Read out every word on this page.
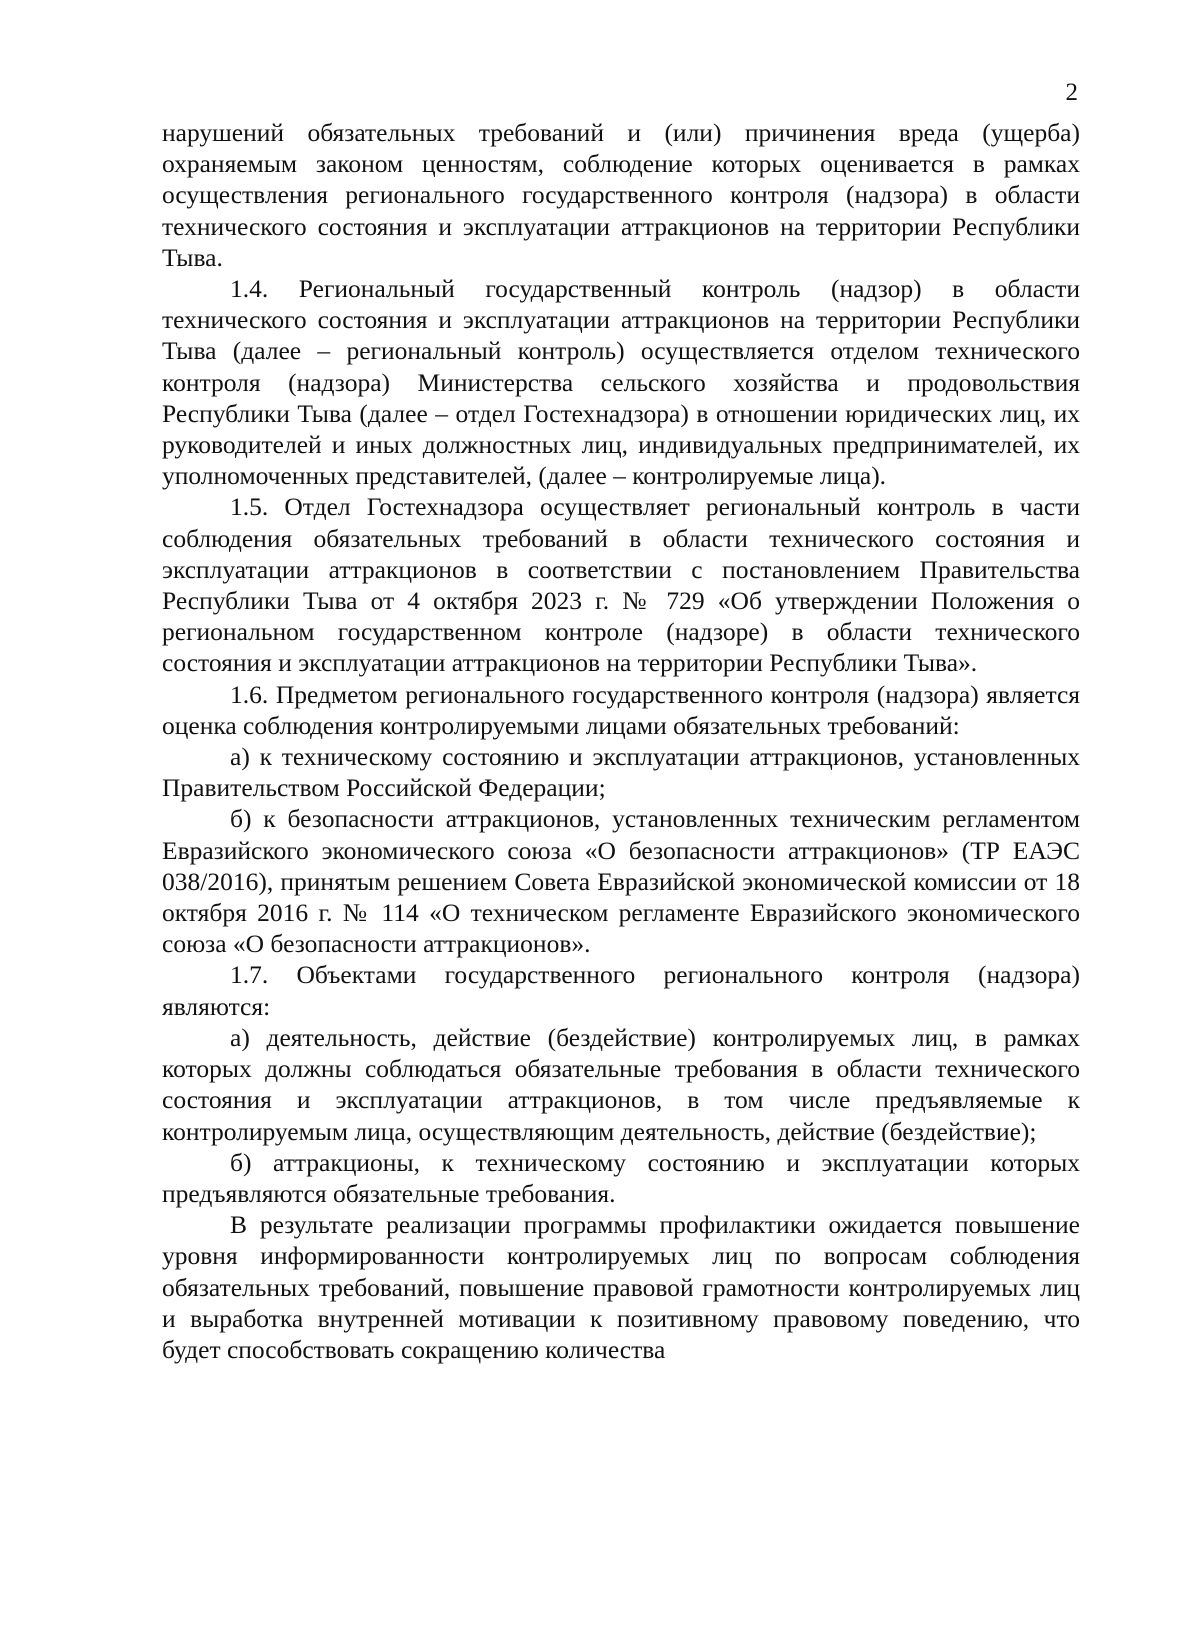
2

нарушений обязательных требований и (или) причинения вреда (ущерба) охраняемым законом ценностям, соблюдение которых оценивается в рамках осуществления регионального государственного контроля (надзора) в области технического состояния и эксплуатации аттракционов на территории Республики Тыва.

1.4. Региональный государственный контроль (надзор) в области технического состояния и эксплуатации аттракционов на территории Республики Тыва (далее – региональный контроль) осуществляется отделом технического контроля (надзора) Министерства сельского хозяйства и продовольствия Республики Тыва (далее – отдел Гостехнадзора) в отношении юридических лиц, их руководителей и иных должностных лиц, индивидуальных предпринимателей, их уполномоченных представителей, (далее – контролируемые лица).

1.5. Отдел Гостехнадзора осуществляет региональный контроль в части соблюдения обязательных требований в области технического состояния и эксплуатации аттракционов в соответствии с постановлением Правительства Республики Тыва от 4 октября 2023 г. № 729 «Об утверждении Положения о региональном государственном контроле (надзоре) в области технического состояния и эксплуатации аттракционов на территории Республики Тыва».

1.6. Предметом регионального государственного контроля (надзора) является оценка соблюдения контролируемыми лицами обязательных требований:

а) к техническому состоянию и эксплуатации аттракционов, установленных Правительством Российской Федерации;

б) к безопасности аттракционов, установленных техническим регламентом Евразийского экономического союза «О безопасности аттракционов» (ТР ЕАЭС 038/2016), принятым решением Совета Евразийской экономической комиссии от 18 октября 2016 г. № 114 «О техническом регламенте Евразийского экономического союза «О безопасности аттракционов».

1.7. Объектами государственного регионального контроля (надзора) являются:

а) деятельность, действие (бездействие) контролируемых лиц, в рамках которых должны соблюдаться обязательные требования в области технического состояния и эксплуатации аттракционов, в том числе предъявляемые к контролируемым лица, осуществляющим деятельность, действие (бездействие);

б) аттракционы, к техническому состоянию и эксплуатации которых предъявляются обязательные требования.

В результате реализации программы профилактики ожидается повышение уровня информированности контролируемых лиц по вопросам соблюдения обязательных требований, повышение правовой грамотности контролируемых лиц и выработка внутренней мотивации к позитивному правовому поведению, что будет способствовать сокращению количества
